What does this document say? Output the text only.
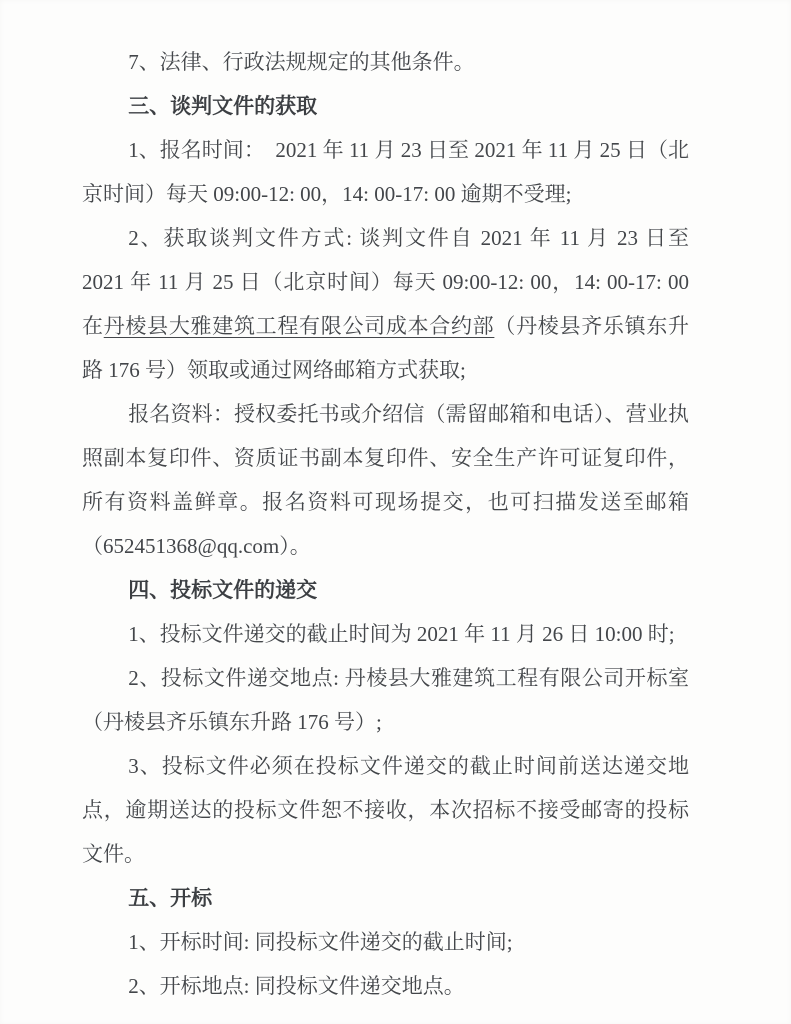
7、法律、行政法规规定的其他条件。

三、谈判文件的获取

1、报名时间：  2021 年 11 月 23 日至 2021 年 11 月 25 日（北京时间）每天 09:00-12: 00，14: 00-17: 00 逾期不受理;

2、获取谈判文件方式: 谈判文件自 2021 年 11 月 23 日至 2021 年 11 月 25 日（北京时间）每天 09:00-12: 00，14: 00-17: 00 在丹棱县大雅建筑工程有限公司成本合约部（丹棱县齐乐镇东升路 176 号）领取或通过网络邮箱方式获取;

报名资料：授权委托书或介绍信（需留邮箱和电话）、营业执照副本复印件、资质证书副本复印件、安全生产许可证复印件，所有资料盖鲜章。报名资料可现场提交，也可扫描发送至邮箱（652451368@qq.com）。

四、投标文件的递交

1、投标文件递交的截止时间为 2021 年 11 月 26 日 10:00 时;

2、投标文件递交地点: 丹棱县大雅建筑工程有限公司开标室（丹棱县齐乐镇东升路 176 号）;

3、投标文件必须在投标文件递交的截止时间前送达递交地点，逾期送达的投标文件恕不接收，本次招标不接受邮寄的投标文件。

五、开标

1、开标时间: 同投标文件递交的截止时间;

2、开标地点: 同投标文件递交地点。
